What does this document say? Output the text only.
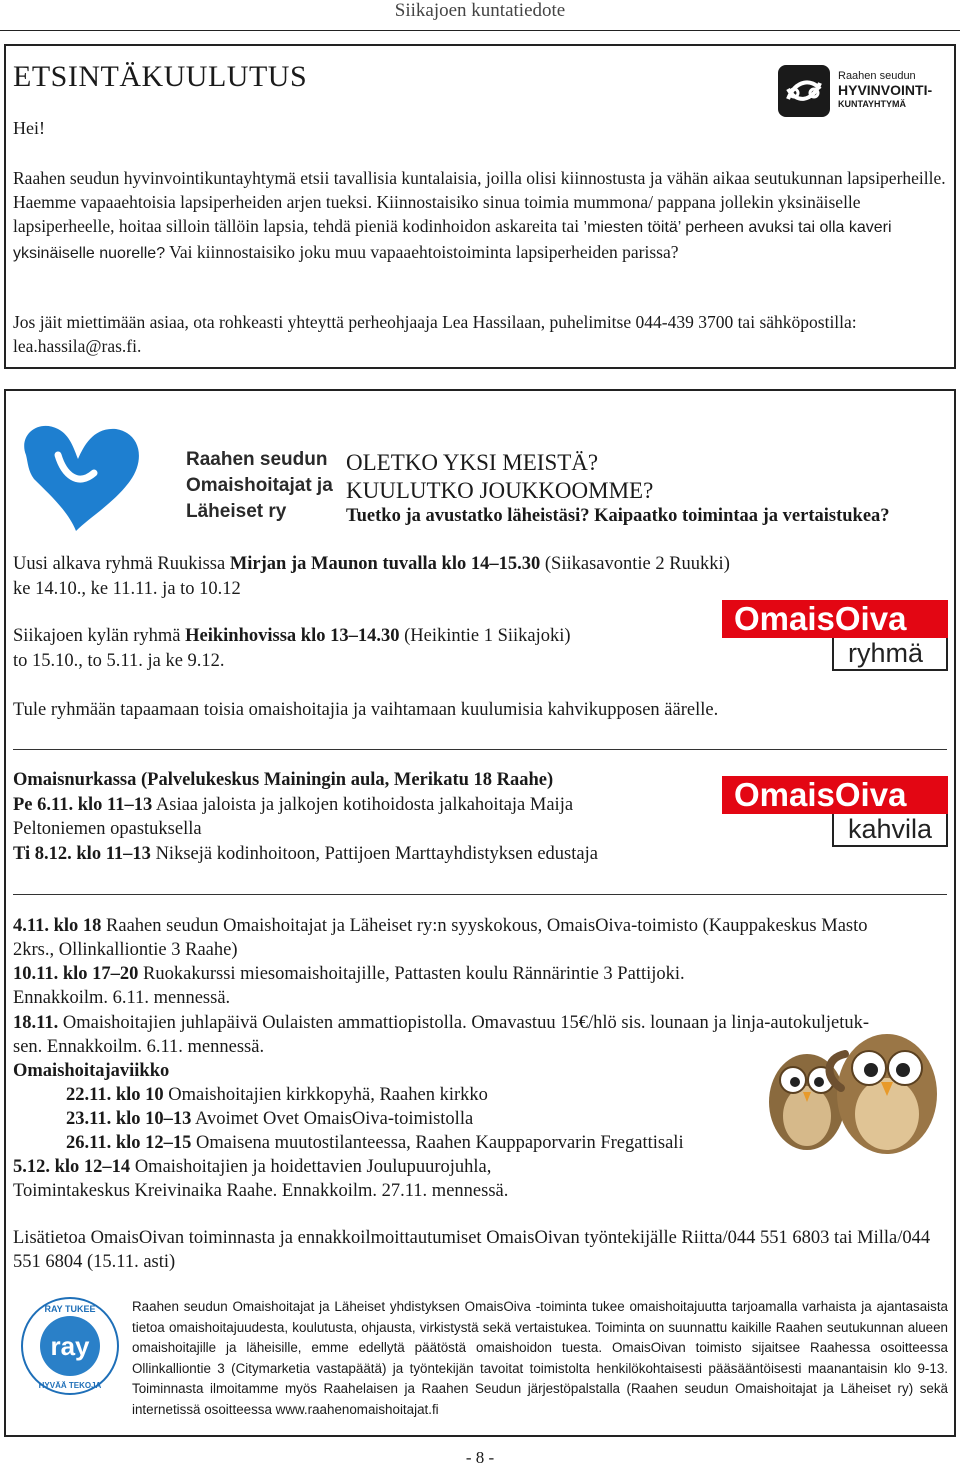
Siikajoen kuntatiedote
ETSINTÄKUULUTUS
Hei!
Raahen seudun
HYVINVOINTI-
KUNTAYHTYMÄ
Raahen seudun hyvinvointikuntayhtymä etsii tavallisia kuntalaisia, joilla olisi kiinnostusta ja vähän aikaa seutukunnan lapsiperheille. Haemme vapaaehtoisia lapsiperheiden arjen tueksi. Kiinnostaisiko sinua toimia mummona/ pappana jollekin yksinäiselle lapsiperheelle, hoitaa silloin tällöin lapsia, tehdä pieniä kodinhoidon askareita tai ’miesten töitä’ perheen avuksi tai olla kaveri yksinäiselle nuorelle? Vai kiinnostaisiko joku muu vapaaehtoistoiminta lapsiperheiden parissa?
Jos jäit miettimään asiaa, ota rohkeasti yhteyttä perheohjaaja Lea Hassilaan, puhelimitse 044-439 3700 tai sähköpostilla: lea.hassila@ras.fi.
Raahen seudun
Omaishoitajat ja
Läheiset ry
OLETKO YKSI MEISTÄ?
KUULUTKO JOUKKOOMME?
Tuetko ja avustatko läheistäsi? Kaipaatko toimintaa ja vertaistukea?
Uusi alkava ryhmä Ruukissa Mirjan ja Maunon tuvalla klo 14–15.30 (Siikasavontie 2 Ruukki)
ke 14.10., ke 11.11. ja to 10.12
Siikajoen kylän ryhmä Heikinhovissa klo 13–14.30 (Heikintie 1 Siikajoki)
to 15.10., to 5.11. ja ke 9.12.
OmaisOiva
ryhmä
Tule ryhmään tapaamaan toisia omaishoitajia ja vaihtamaan kuulumisia kahvikupposen äärelle.
Omaisnurkassa (Palvelukeskus Mainingin aula, Merikatu 18 Raahe)
Pe 6.11. klo 11–13 Asiaa jaloista ja jalkojen kotihoidosta jalkahoitaja Maija
Peltoniemen opastuksella
Ti 8.12. klo 11–13 Niksejä kodinhoitoon, Pattijoen Marttayhdistyksen edustaja
OmaisOiva
kahvila
4.11. klo 18 Raahen seudun Omaishoitajat ja Läheiset ry:n syyskokous, OmaisOiva-toimisto (Kauppakeskus Masto
2krs., Ollinkalliontie 3 Raahe)
10.11. klo 17–20 Ruokakurssi miesomaishoitajille, Pattasten koulu Rännärintie 3 Pattijoki.
Ennakkoilm. 6.11. mennessä.
18.11. Omaishoitajien juhlapäivä Oulaisten ammattiopistolla. Omavastuu 15€/hlö sis. lounaan ja linja-autokuljetuk-
sen. Ennakkoilm. 6.11. mennessä.
Omaishoitajaviikko
22.11. klo 10 Omaishoitajien kirkkopyhä, Raahen kirkko
23.11. klo 10–13 Avoimet Ovet OmaisOiva-toimistolla
26.11. klo 12–15 Omaisena muutostilanteessa, Raahen Kauppaporvarin Fregattisali
5.12. klo 12–14 Omaishoitajien ja hoidettavien Joulupuurojuhla,
Toimintakeskus Kreivinaika Raahe. Ennakkoilm. 27.11. mennessä.
Lisätietoa OmaisOivan toiminnasta ja ennakkoilmoittautumiset OmaisOivan työntekijälle Riitta/044 551 6803 tai Milla/044 551 6804 (15.11. asti)
ray
RAY TUKEE
HYVÄÄ TEKOJA
Raahen seudun Omaishoitajat ja Läheiset yhdistyksen OmaisOiva -toiminta tukee omaishoitajuutta tarjoamalla varhaista ja ajantasaista tietoa omaishoitajuudesta, koulutusta, ohjausta, virkistystä sekä vertaistukea. Toiminta on suunnattu kaikille Raahen seutukunnan alueen omaishoitajille ja läheisille, emme edellytä päätöstä omaishoidon tuesta. OmaisOivan toimisto sijaitsee Raahessa osoitteessa Ollinkalliontie 3 (Citymarketia vastapäätä) ja työntekijän tavoitat toimistolta henkilökohtaisesti pääsääntöisesti maanantaisin klo 9-13. Toiminnasta ilmoitamme myös Raahelaisen ja Raahen Seudun järjestöpalstalla (Raahen seudun Omaishoitajat ja Läheiset ry) sekä internetissä osoitteessa www.raahenomaishoitajat.fi
- 8 -
